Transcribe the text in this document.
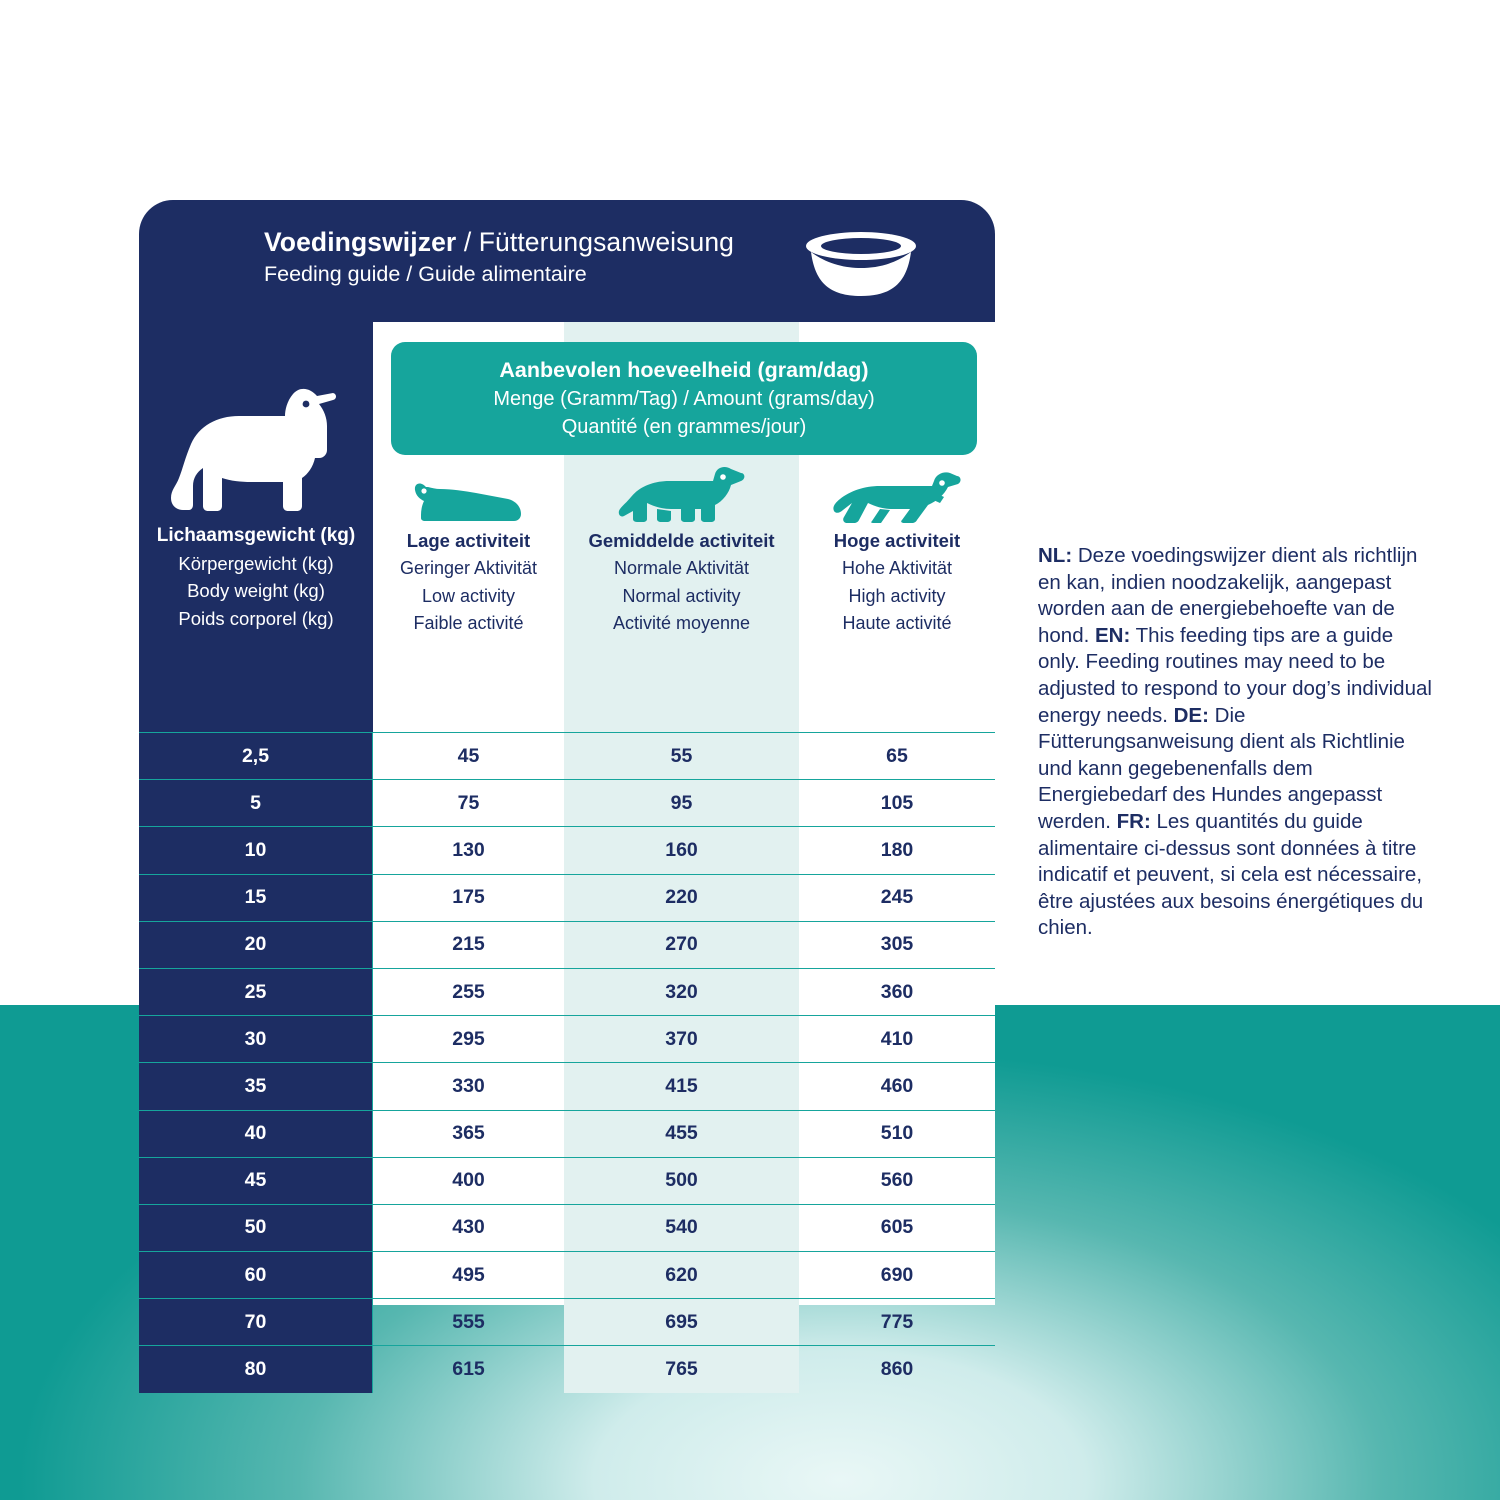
Voedingswijzer / Fütterungsanweisung
Feeding guide / Guide alimentaire
Lichaamsgewicht (kg)
Körpergewicht (kg)
Body weight (kg)
Poids corporel (kg)
Aanbevolen hoeveelheid (gram/dag)
Menge (Gramm/Tag) / Amount (grams/day)
Quantité (en grammes/jour)
Lage activiteit
Geringer Aktivität
Low activity
Faible activité
Gemiddelde activiteit
Normale Aktivität
Normal activity
Activité moyenne
Hoge activiteit
Hohe Aktivität
High activity
Haute activité
2,5	45	55	65
5	75	95	105
10	130	160	180
15	175	220	245
20	215	270	305
25	255	320	360
30	295	370	410
35	330	415	460
40	365	455	510
45	400	500	560
50	430	540	605
60	495	620	690
70	555	695	775
80	615	765	860
NL: Deze voedingswijzer dient als richtlijn en kan, indien noodzakelijk, aangepast worden aan de energiebehoefte van de hond. EN: This feeding tips are a guide only. Feeding routines may need to be adjusted to respond to your dog’s individual energy needs. DE: Die Fütterungsanweisung dient als Richtlinie und kann gegebenenfalls dem Energiebedarf des Hundes angepasst werden. FR: Les quantités du guide alimentaire ci-dessus sont données à titre indicatif et peuvent, si cela est nécessaire, être ajustées aux besoins énergétiques du chien.
